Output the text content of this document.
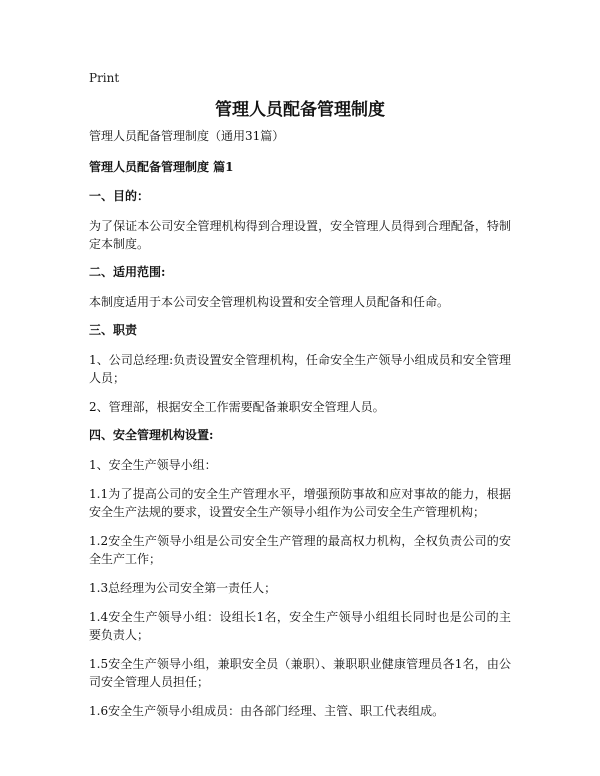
Print
管理人员配备管理制度
管理人员配备管理制度（通用31篇）
管理人员配备管理制度 篇1
一、目的：
为了保证本公司安全管理机构得到合理设置，安全管理人员得到合理配备，特制定本制度。
二、适用范围:
本制度适用于本公司安全管理机构设置和安全管理人员配备和任命。
三、职责
1、公司总经理:负责设置安全管理机构，任命安全生产领导小组成员和安全管理人员；
2、管理部，根据安全工作需要配备兼职安全管理人员。
四、安全管理机构设置:
1、安全生产领导小组：
1.1为了提高公司的安全生产管理水平，增强预防事故和应对事故的能力，根据安全生产法规的要求，设置安全生产领导小组作为公司安全生产管理机构；
1.2安全生产领导小组是公司安全生产管理的最高权力机构，全权负责公司的安全生产工作；
1.3总经理为公司安全第一责任人；
1.4安全生产领导小组：设组长1名，安全生产领导小组组长同时也是公司的主要负责人；
1.5安全生产领导小组，兼职安全员（兼职）、兼职职业健康管理员各1名，由公司安全管理人员担任；
1.6安全生产领导小组成员：由各部门经理、主管、职工代表组成。
